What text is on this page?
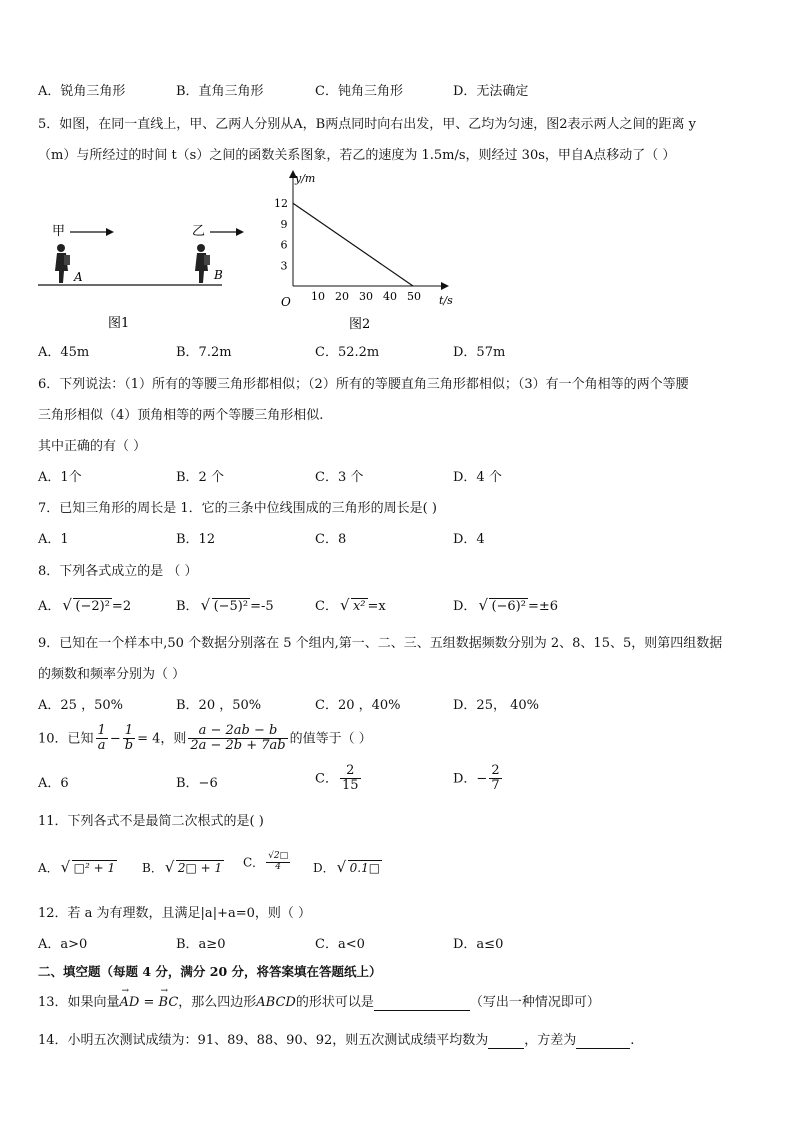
A．锐角三角形	B．直角三角形	C．钝角三角形	D．无法确定
5．如图，在同一直线上，甲、乙两人分别从A，B两点同时向右出发，甲、乙均为匀速，图2表示两人之间的距离 y
（m）与所经过的时间 t（s）之间的函数关系图象，若乙的速度为 1.5m/s，则经过 30s，甲自A点移动了（ ）
甲	乙
A	B
图1
y/m
t/s
O 10 20 30 40 50
3
6
9
12
图2
A．45m	B．7.2m	C．52.2m	D．57m
6．下列说法：（1）所有的等腰三角形都相似；（2）所有的等腰直角三角形都相似；（3）有一个角相等的两个等腰
三角形相似（4）顶角相等的两个等腰三角形相似.
其中正确的有（ ）
A．1个	B．2 个	C．3 个	D．4 个
7．已知三角形的周长是 1．它的三条中位线围成的三角形的周长是( )
A．1	B．12	C．8	D．4
8．下列各式成立的是 （ ）
A． √ (−2)² =2	B． √ (−5)² =-5	C． √ x² =x	D． √ (−6)² =±6
9．已知在一个样本中,50 个数据分别落在 5 个组内,第一、二、三、五组数据频数分别为 2、8、15、5，则第四组数据
的频数和频率分别为（ ）
A．25 ，50%	B．20 ，50%	C．20 ，40%	D．25， 40%
10．已知 $\frac{1}{a} - \frac{1}{b} = 4$，则 $\frac{a - 2ab - b}{2a - 2b + 7ab}$ 的值等于（ ）
A．6	B．−6	C． $\frac{2}{15}$	D．− $\frac{2}{7}$
11．下列各式不是最简二次根式的是( )
A． √ □² + 1 B． √ 2□ + 1 C． $\frac{√2□}{4}$ D． √ 0.1□
12．若 a 为有理数，且满足|a|+a=0，则（ ）
A．a>0	B．a≥0	C．a<0	D．a≤0
二、填空题（每题 4 分，满分 20 分，将答案填在答题纸上）
13．如果向量→ AD = → BC，那么四边形ABCD的形状可以是	（写出一种情况即可）
14．小明五次测试成绩为：91、89、88、90、92，则五次测试成绩平均数为	，方差为	.
